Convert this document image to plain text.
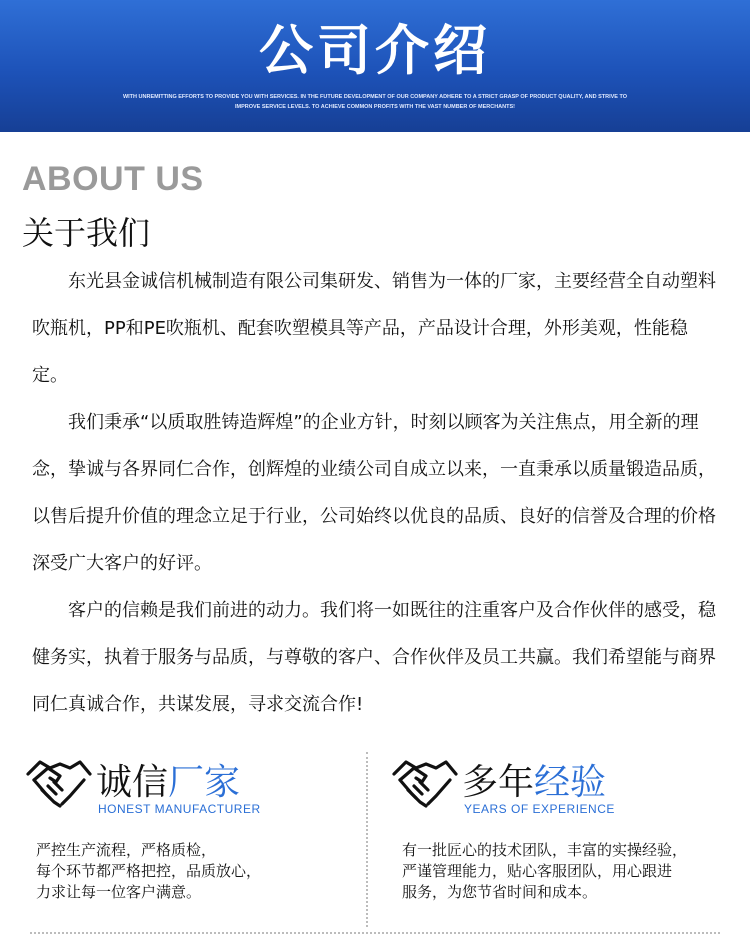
公司介绍
WITH UNREMITTING EFFORTS TO PROVIDE YOU WITH SERVICES. IN THE FUTURE DEVELOPMENT OF OUR COMPANY ADHERE TO A STRICT GRASP OF PRODUCT QUALITY, AND STRIVE TO IMPROVE SERVICE LEVELS. TO ACHIEVE COMMON PROFITS WITH THE VAST NUMBER OF MERCHANTS!
ABOUT US
关于我们

东光县金诚信机械制造有限公司集研发、销售为一体的厂家，主要经营全自动塑料吹瓶机，PP和PE吹瓶机、配套吹塑模具等产品，产品设计合理，外形美观，性能稳定。

我们秉承“以质取胜铸造辉煌”的企业方针，时刻以顾客为关注焦点，用全新的理念，挚诚与各界同仁合作，创辉煌的业绩公司自成立以来，一直秉承以质量锻造品质，以售后提升价值的理念立足于行业，公司始终以优良的品质、良好的信誉及合理的价格深受广大客户的好评。

客户的信赖是我们前进的动力。我们将一如既往的注重客户及合作伙伴的感受，稳健务实，执着于服务与品质，与尊敬的客户、合作伙伴及员工共赢。我们希望能与商界同仁真诚合作，共谋发展，寻求交流合作!

诚信厂家
HONEST MANUFACTURER
严控生产流程，严格质检，
每个环节都严格把控，品质放心，
力求让每一位客户满意。
多年经验
YEARS OF EXPERIENCE
有一批匠心的技术团队，丰富的实操经验，
严谨管理能力，贴心客服团队，用心跟进
服务，为您节省时间和成本。
